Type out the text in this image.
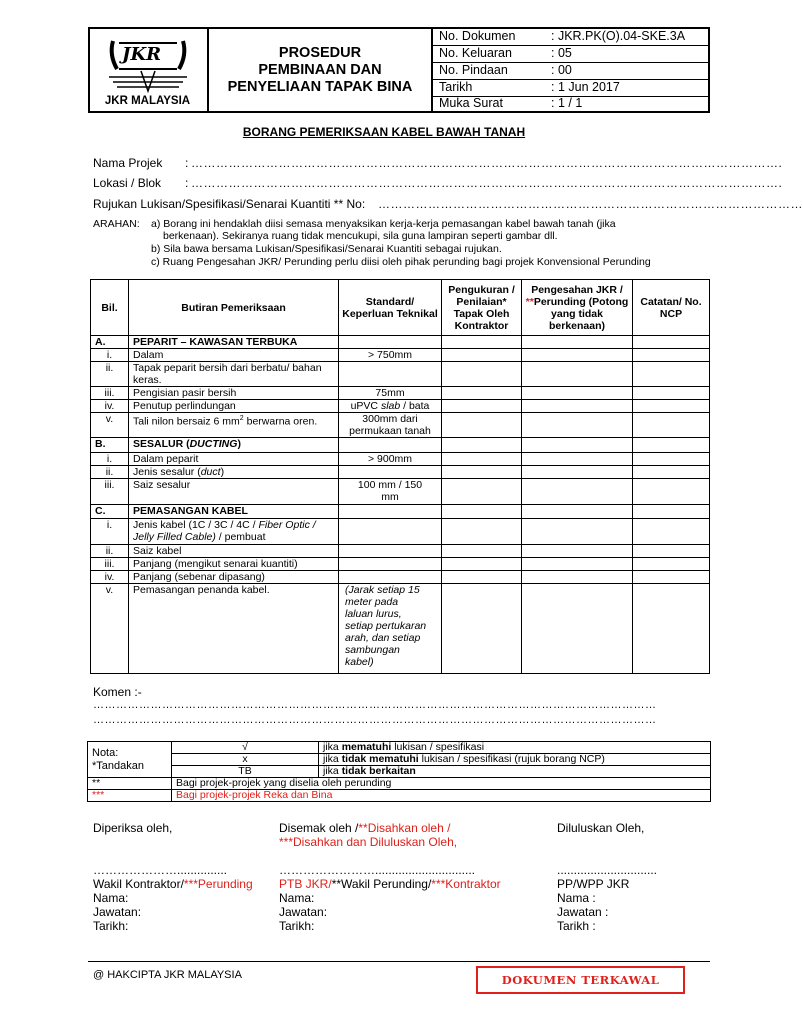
JKR
JKR MALAYSIA
PROSEDUR
PEMBINAAN DAN
PENYELIAAN TAPAK BINA
No. Dokumen	: JKR.PK(O).04-SKE.3A
No. Keluaran	: 05
No. Pindaan	: 00
Tarikh	: 1 Jun 2017
Muka Surat	: 1 / 1
BORANG PEMERIKSAAN KABEL BAWAH TANAH
Nama Projek : …………………………………………………………………………………………………………………………….
Lokasi / Blok : …………………………………………………………………………………………………………………………….
Rujukan Lukisan/Spesifikasi/Senarai Kuantiti ** No: …………………………………………………………………………………………
ARAHAN: a) Borang ini hendaklah diisi semasa menyaksikan kerja-kerja pemasangan kabel bawah tanah (jika
berkenaan). Sekiranya ruang tidak mencukupi, sila guna lampiran seperti gambar dll.
b) Sila bawa bersama Lukisan/Spesifikasi/Senarai Kuantiti sebagai rujukan.
c) Ruang Pengesahan JKR/ Perunding perlu diisi oleh pihak perunding bagi projek Konvensional Perunding
Bil.	Butiran Pemeriksaan	Standard/ Keperluan Teknikal	Pengukuran / Penilaian* Tapak Oleh Kontraktor	Pengesahan JKR / **Perunding (Potong yang tidak berkenaan)	Catatan/ No. NCP
A.	PEPARIT – KAWASAN TERBUKA				
i.	Dalam	> 750mm			
ii.	Tapak peparit bersih dari berbatu/ bahan keras.				
iii.	Pengisian pasir bersih	75mm			
iv.	Penutup perlindungan	uPVC slab / bata			
v.	Tali nilon bersaiz 6 $mm^2$ berwarna oren.	300mm dari permukaan tanah			
B.	SESALUR (DUCTING)				
i.	Dalam peparit	> 900mm			
ii.	Jenis sesalur (duct)				
iii.	Saiz sesalur	100 mm / 150 mm			
C.	PEMASANGAN KABEL				
i.	Jenis kabel (1C / 3C / 4C / Fiber Optic / Jelly Filled Cable) / pembuat				
ii.	Saiz kabel				
iii.	Panjang (mengikut senarai kuantiti)				
iv.	Panjang (sebenar dipasang)				
v.	Pemasangan penanda kabel.	(Jarak setiap 15 meter pada laluan lurus, setiap pertukaran arah, dan setiap sambungan kabel)			
Komen :-
…………………………………………………………………………………………………………………………………
…………………………………………………………………………………………………………………………………
Nota:
*Tandakan	√	jika mematuhi lukisan / spesifikasi
	x	jika tidak mematuhi lukisan / spesifikasi (rujuk borang NCP)
	TB	jika tidak berkaitan
**	Bagi projek-projek yang diselia oleh perunding	
***	Bagi projek-projek Reka dan Bina	
Diperiksa oleh,
…………………...............
Wakil Kontraktor/***Perunding
Nama:
Jawatan:
Tarikh:
Disemak oleh /**Disahkan oleh /
***Disahkan dan Diluluskan Oleh,
……………………..............................
PTB JKR/**Wakil Perunding/***Kontraktor
Nama:
Jawatan:
Tarikh:
Diluluskan Oleh,
..............................
PP/WPP JKR
Nama :
Jawatan :
Tarikh :
@ HAKCIPTA JKR MALAYSIA	DOKUMEN TERKAWAL
